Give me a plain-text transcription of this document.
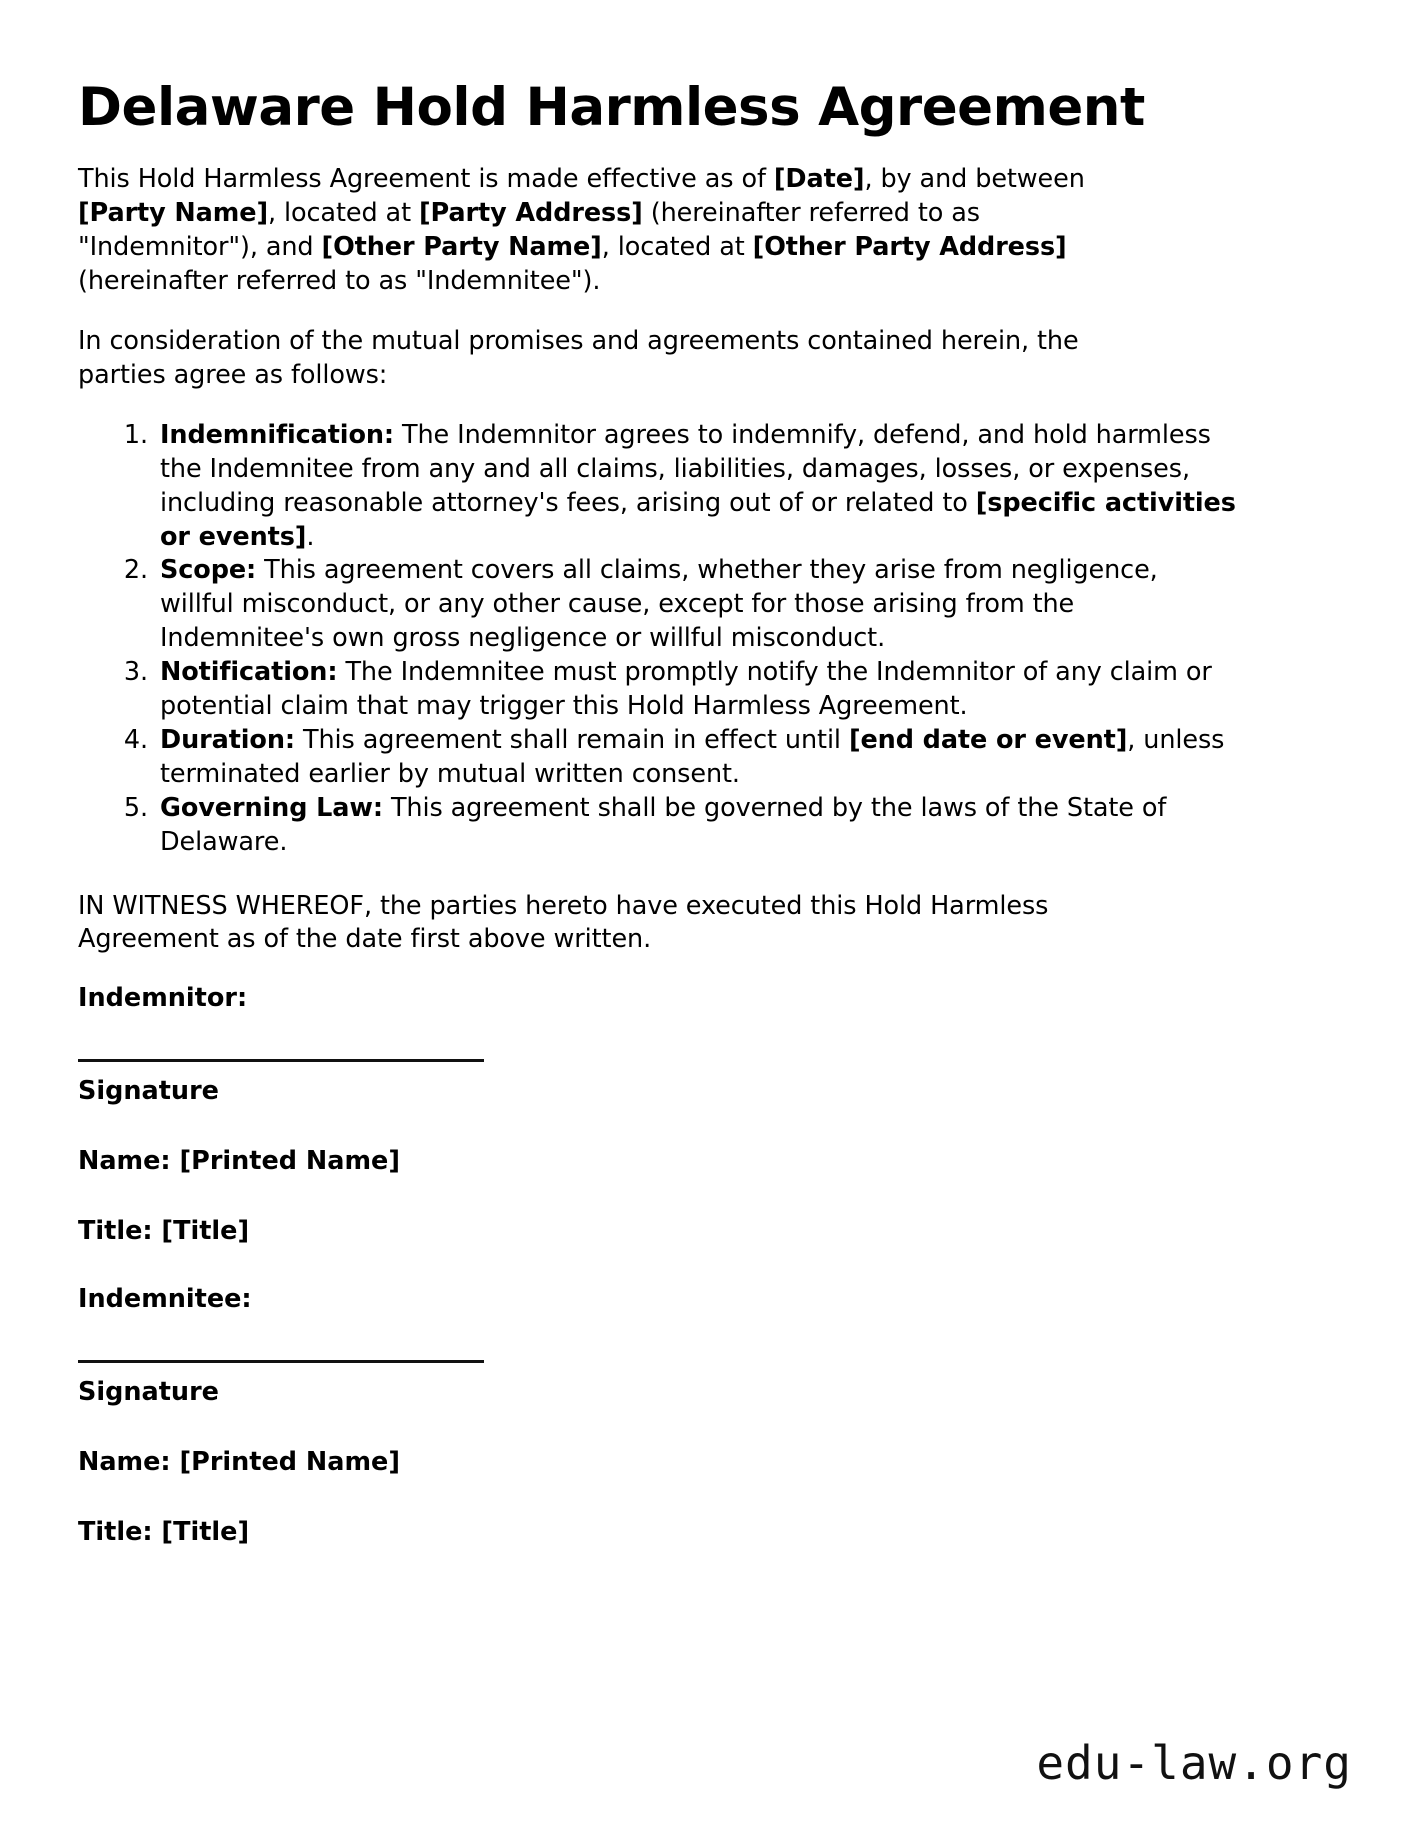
Delaware Hold Harmless Agreement

This Hold Harmless Agreement is made effective as of [Date], by and between [Party Name], located at [Party Address] (hereinafter referred to as "Indemnitor"), and [Other Party Name], located at [Other Party Address] (hereinafter referred to as "Indemnitee").

In consideration of the mutual promises and agreements contained herein, the parties agree as follows:

1. Indemnification: The Indemnitor agrees to indemnify, defend, and hold harmless the Indemnitee from any and all claims, liabilities, damages, losses, or expenses, including reasonable attorney's fees, arising out of or related to [specific activities or events].
2. Scope: This agreement covers all claims, whether they arise from negligence, willful misconduct, or any other cause, except for those arising from the Indemnitee's own gross negligence or willful misconduct.
3. Notification: The Indemnitee must promptly notify the Indemnitor of any claim or potential claim that may trigger this Hold Harmless Agreement.
4. Duration: This agreement shall remain in effect until [end date or event], unless terminated earlier by mutual written consent.
5. Governing Law: This agreement shall be governed by the laws of the State of Delaware.

IN WITNESS WHEREOF, the parties hereto have executed this Hold Harmless Agreement as of the date first above written.

Indemnitor:
Signature
Name: [Printed Name]
Title: [Title]
Indemnitee:
Signature
Name: [Printed Name]
Title: [Title]
edu-law.org
